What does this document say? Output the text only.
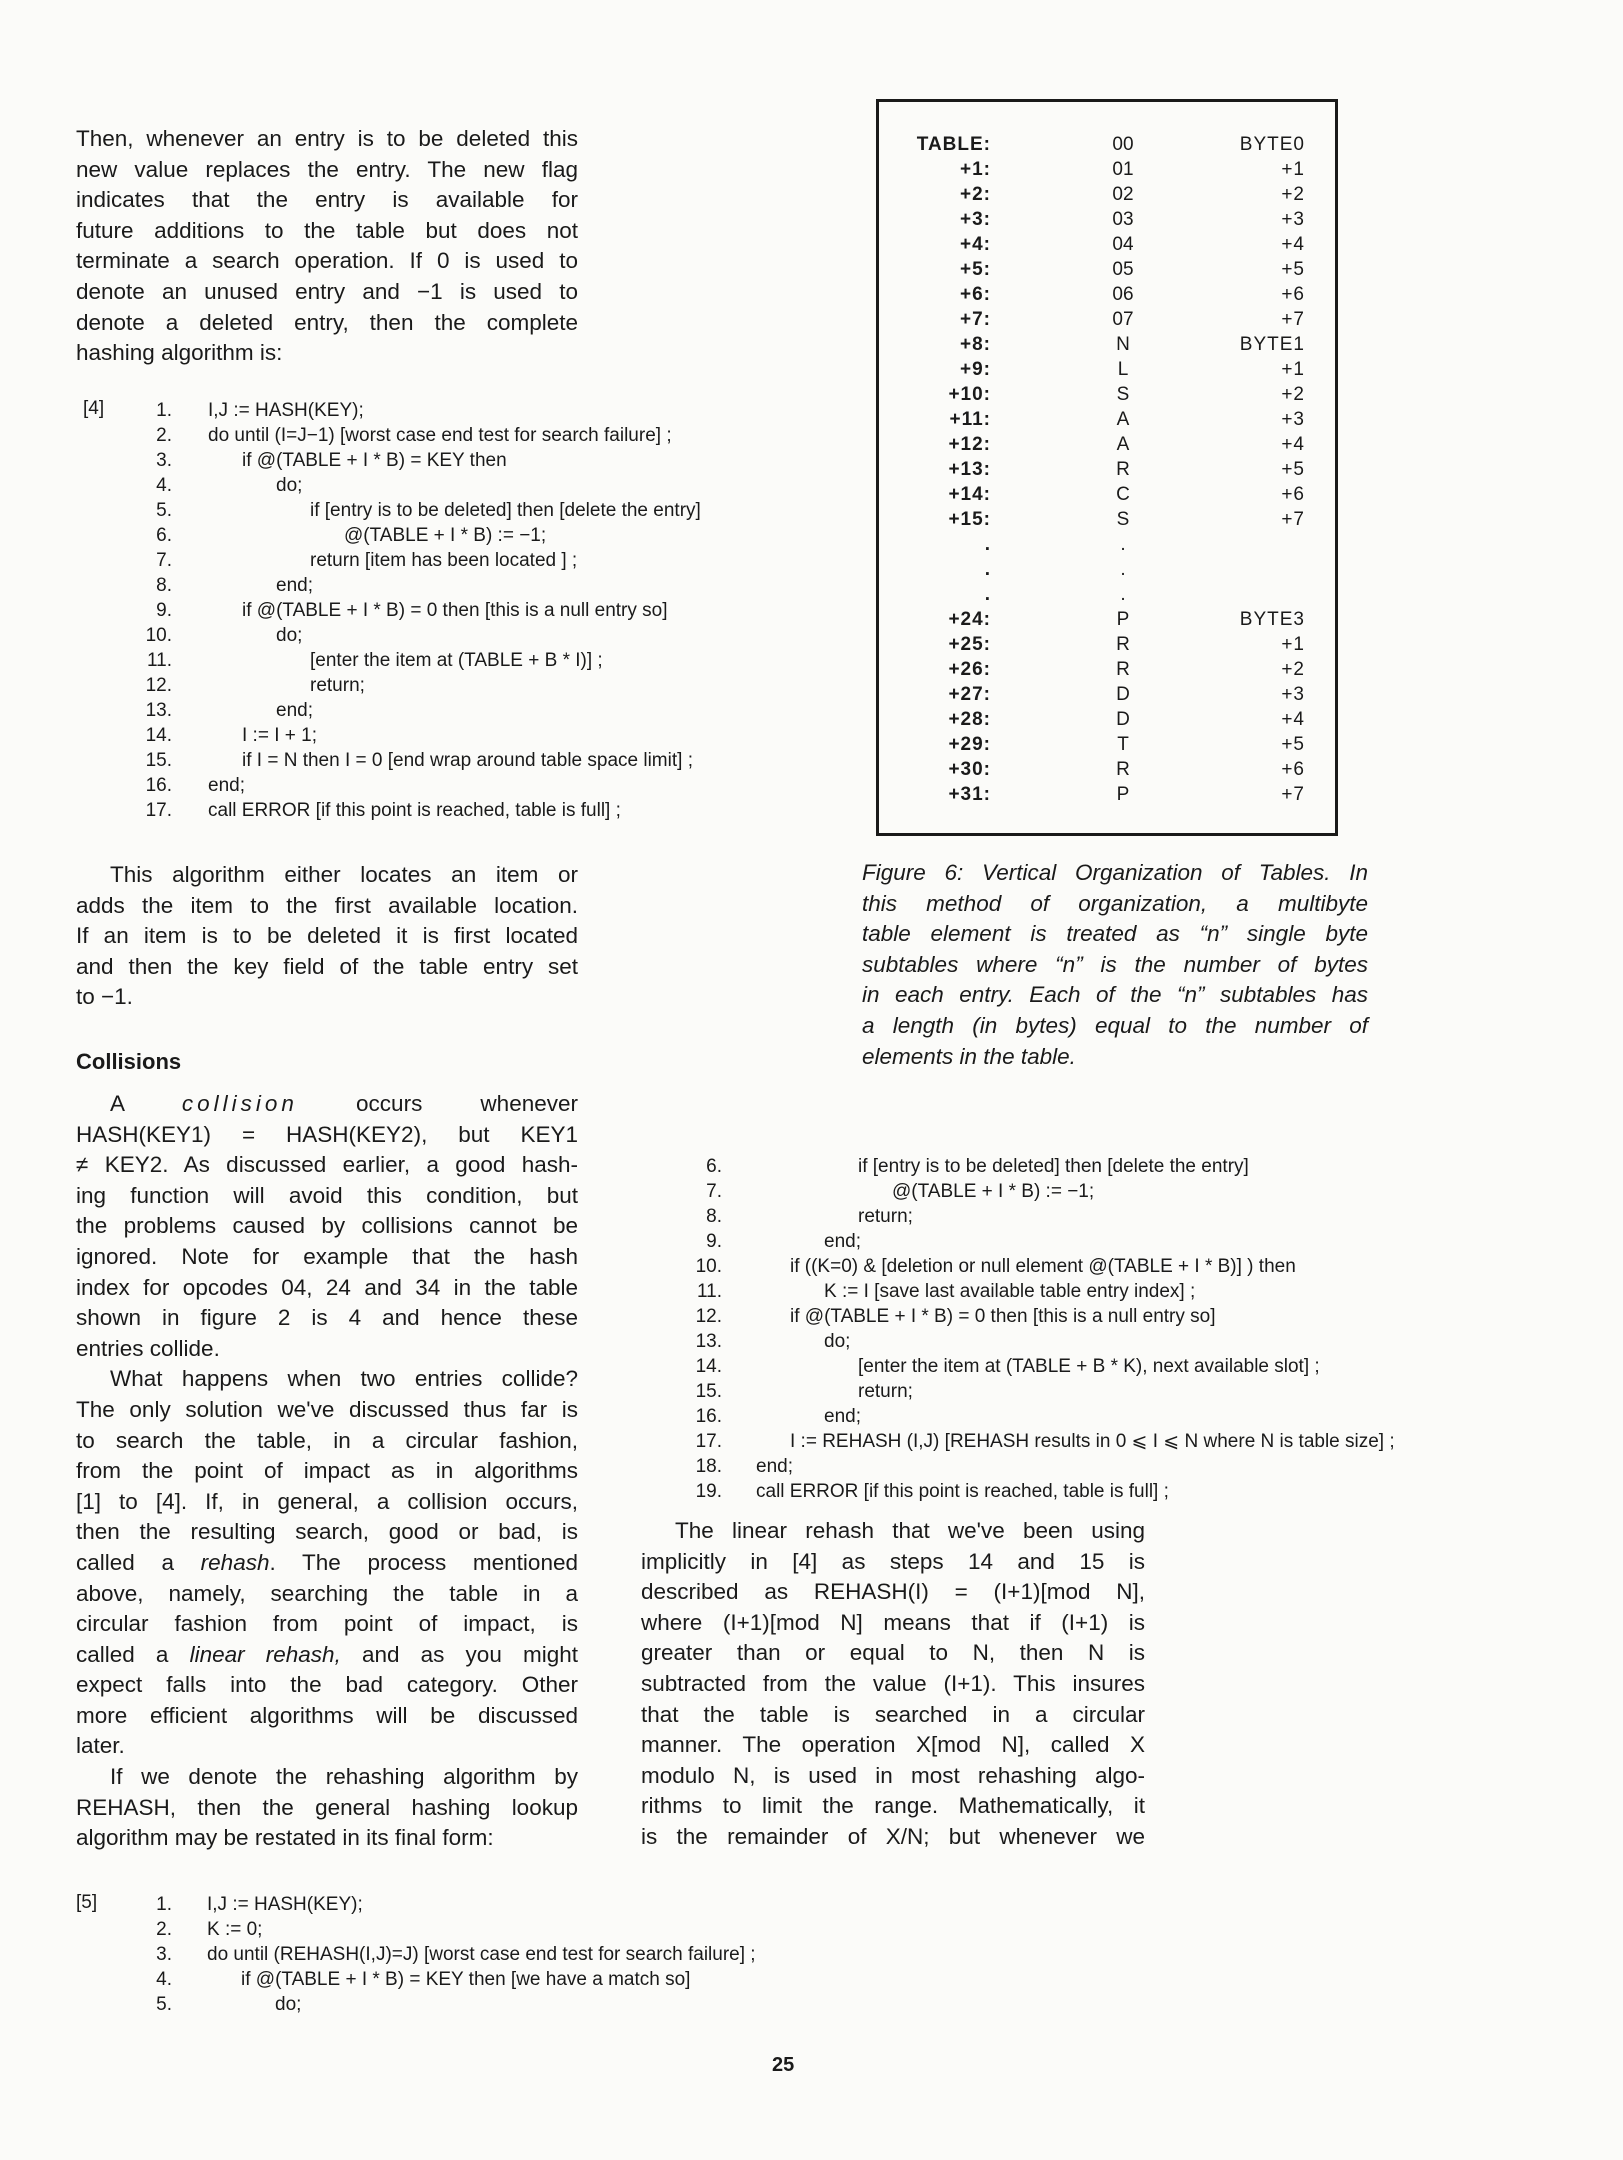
Then, whenever an entry is to be deleted this
new value replaces the entry. The new flag
indicates that the entry is available for
future additions to the table but does not
terminate a search operation. If 0 is used to
denote an unused entry and −1 is used to
denote a deleted entry, then the complete
hashing algorithm is:
[4]	1. I,J := HASH(KEY);
2. do until (I=J−1) [worst case end test for search failure] ;
3.	if @(TABLE + I * B) = KEY then
4.	do;
5.	if [entry is to be deleted] then [delete the entry]
6.	@(TABLE + I * B) := −1;
7.	return [item has been located ] ;
8.	end;
9.	if @(TABLE + I * B) = 0 then [this is a null entry so]
10.	do;
11.	[enter the item at (TABLE + B * I)] ;
12.	return;
13.	end;
14.	I := I + 1;
15.	if I = N then I = 0 [end wrap around table space limit] ;
16. end;
17. call ERROR [if this point is reached, table is full] ;
TABLE:	00	BYTE0
+1:	01	+1
+2:	02	+2
+3:	03	+3
+4:	04	+4
+5:	05	+5
+6:	06	+6
+7:	07	+7
+8:	N	BYTE1
+9:	L	+1
+10:	S	+2
+11:	A	+3
+12:	A	+4
+13:	R	+5
+14:	C	+6
+15:	S	+7
.	.
.	.
.	.
+24:	P	BYTE3
+25:	R	+1
+26:	R	+2
+27:	D	+3
+28:	D	+4
+29:	T	+5
+30:	R	+6
+31:	P	+7
Figure 6: Vertical Organization of Tables. In
this method of organization, a multibyte
table element is treated as “n” single byte
subtables where “n” is the number of bytes
in each entry. Each of the “n” subtables has
a length (in bytes) equal to the number of
elements in the table.
This algorithm either locates an item or
adds the item to the first available location.
If an item is to be deleted it is first located
and then the key field of the table entry set
to −1.
Collisions
A collision occurs whenever
HASH(KEY1) = HASH(KEY2), but KEY1
≠ KEY2. As discussed earlier, a good hash-
ing function will avoid this condition, but
the problems caused by collisions cannot be
ignored. Note for example that the hash
index for opcodes 04, 24 and 34 in the table
shown in figure 2 is 4 and hence these
entries collide.
What happens when two entries collide?
The only solution we've discussed thus far is
to search the table, in a circular fashion,
from the point of impact as in algorithms
[1] to [4]. If, in general, a collision occurs,
then the resulting search, good or bad, is
called a rehash. The process mentioned
above, namely, searching the table in a
circular fashion from point of impact, is
called a linear rehash, and as you might
expect falls into the bad category. Other
more efficient algorithms will be discussed
later.
If we denote the rehashing algorithm by
REHASH, then the general hashing lookup
algorithm may be restated in its final form:
6.	if [entry is to be deleted] then [delete the entry]
7.	@(TABLE + I * B) := −1;
8.	return;
9.	end;
10.	if ((K=0) & [deletion or null element @(TABLE + I * B)] ) then
11.	K := I [save last available table entry index] ;
12.	if @(TABLE + I * B) = 0 then [this is a null entry so]
13.	do;
14.	[enter the item at (TABLE + B * K), next available slot] ;
15.	return;
16.	end;
17.	I := REHASH (I,J) [REHASH results in 0 ⩽ I ⩽ N where N is table size] ;
18. end;
19. call ERROR [if this point is reached, table is full] ;
The linear rehash that we've been using
implicitly in [4] as steps 14 and 15 is
described as REHASH(I) = (I+1)[mod N],
where (I+1)[mod N] means that if (I+1) is
greater than or equal to N, then N is
subtracted from the value (I+1). This insures
that the table is searched in a circular
manner. The operation X[mod N], called X
modulo N, is used in most rehashing algo-
rithms to limit the range. Mathematically, it
is the remainder of X/N; but whenever we
[5]	1. I,J := HASH(KEY);
2. K := 0;
3. do until (REHASH(I,J)=J) [worst case end test for search failure] ;
4.	if @(TABLE + I * B) = KEY then [we have a match so]
5.	do;
25
